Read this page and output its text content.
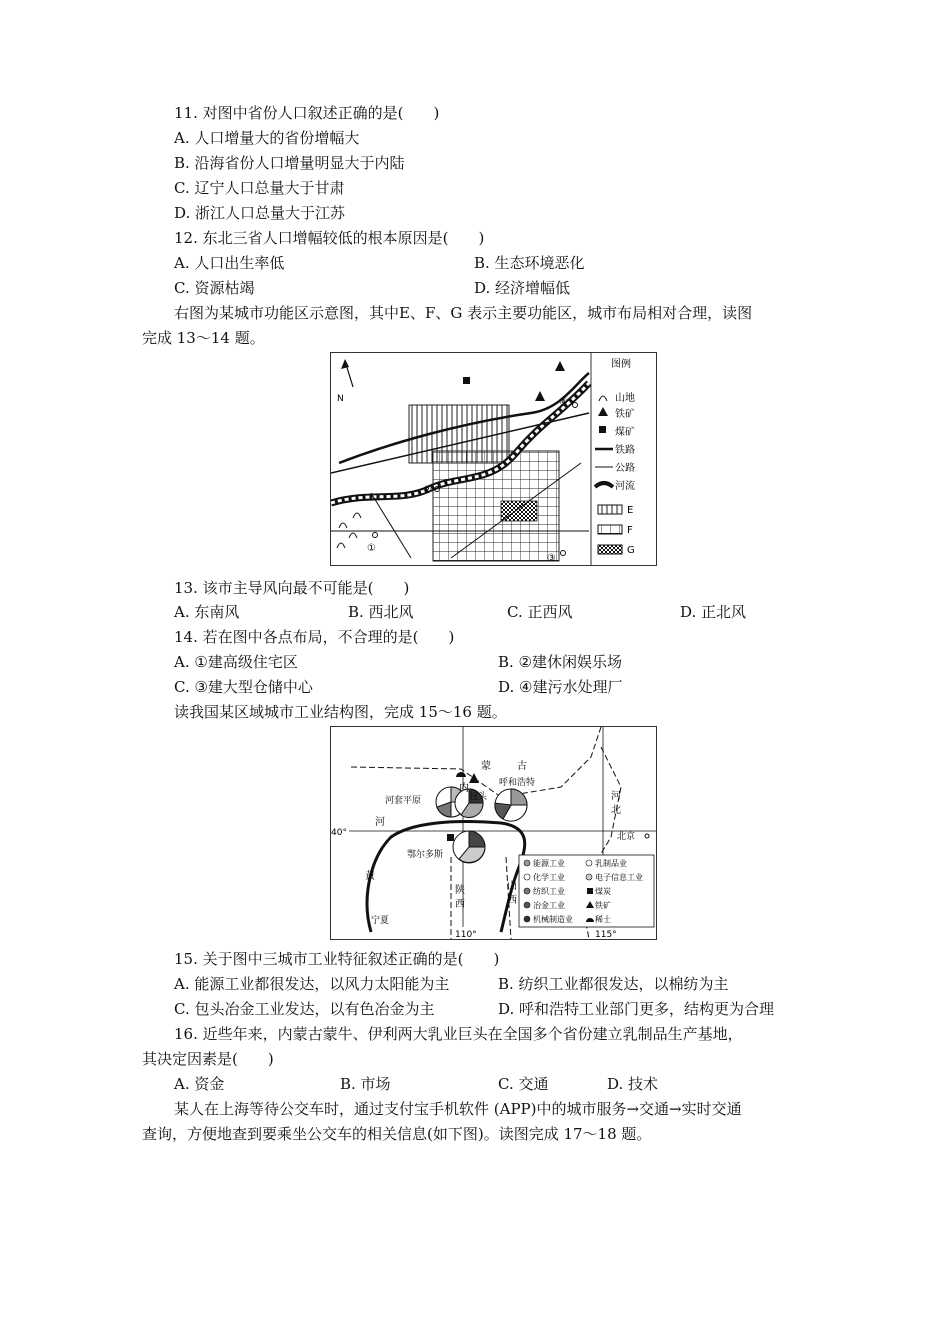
11. 对图中省份人口叙述正确的是(　　)
A. 人口增量大的省份增幅大
B. 沿海省份人口增量明显大于内陆
C. 辽宁人口总量大于甘肃
D. 浙江人口总量大于江苏
12. 东北三省人口增幅较低的根本原因是(　　)
A. 人口出生率低	B. 生态环境恶化
C. 资源枯竭	D. 经济增幅低
右图为某城市功能区示意图，其中E、F、G 表示主要功能区，城市布局相对合理，读图
完成 13～14 题。
N
①
②
③
④
图例
山地
铁矿
煤矿
铁路
公路
河流
E
F
G
13. 该市主导风向最不可能是(　　)
A. 东南风	B. 西北风	C. 正西风	D. 正北风
14. 若在图中各点布局，不合理的是(　　)
A. ①建高级住宅区	B. ②建休闲娱乐场
C. ③建大型仓储中心	D. ④建污水处理厂
读我国某区域城市工业结构图，完成 15～16 题。
内
蒙	古
呼和浩特
河套平原	包头
河
河
北
北京
鄂尔多斯
黄
陕
西
山
西
宁夏
40°
110°	115°
能源工业	乳制品业
化学工业	电子信息工业
纺织工业	煤炭
冶金工业	铁矿
机械制造业	稀土
15. 关于图中三城市工业特征叙述正确的是(　　)
A. 能源工业都很发达，以风力太阳能为主	B. 纺织工业都很发达，以棉纺为主
C. 包头冶金工业发达，以有色冶金为主	D. 呼和浩特工业部门更多，结构更为合理
16. 近些年来，内蒙古蒙牛、伊利两大乳业巨头在全国多个省份建立乳制品生产基地，
其决定因素是(　　)
A. 资金	B. 市场	C. 交通	D. 技术
某人在上海等待公交车时，通过支付宝手机软件 (APP)中的城市服务→交通→实时交通
查询，方便地查到要乘坐公交车的相关信息(如下图)。读图完成 17～18 题。
